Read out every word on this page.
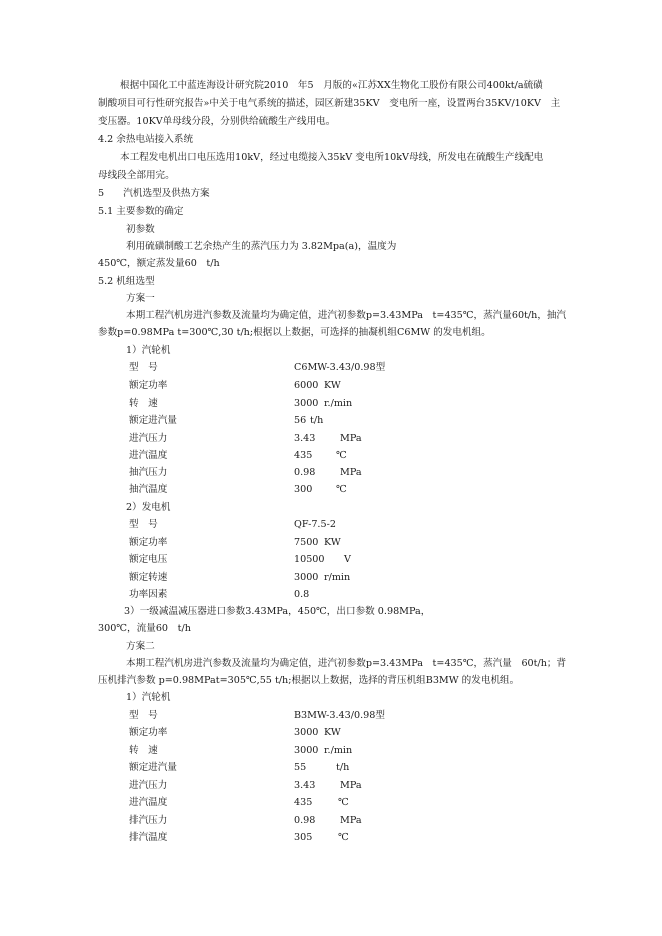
根据中国化工中蓝连海设计研究院2010　年5　月版的«江苏XX生物化工股份有限公司400kt/a硫磺
制酸项目可行性研究报告»中关于电气系统的描述，园区新建35KV　变电所一座，设置两台35KV/10KV　主
变压器。10KV单母线分段，分别供给硫酸生产线用电。
4.2 余热电站接入系统
本工程发电机出口电压选用10kV，经过电缆接入35kV 变电所10kV母线，所发电在硫酸生产线配电
母线段全部用完。
5　　汽机选型及供热方案
5.1 主要参数的确定
初参数
利用硫磺制酸工艺余热产生的蒸汽压力为 3.82Mpa(a)，温度为
450℃，额定蒸发量60　t/h
5.2 机组选型
方案一
本期工程汽机房进汽参数及流量均为确定值，进汽初参数p=3.43MPa　t=435℃，蒸汽量60t/h，抽汽
参数p=0.98MPa t=300℃,30 t/h;根据以上数据，可选择的抽凝机组C6MW 的发电机组。
1）汽轮机
型　号	C6MW-3.43/0.98型
额定功率	6000 KW
转　速	3000 r./min
额定进汽量	56 t/h
进汽压力	3.43	MPa
进汽温度	435 ℃
抽汽压力	0.98	MPa
抽汽温度	300 ℃
2）发电机
型　号	QF-7.5-2
额定功率	7500 KW
额定电压	10500 V
额定转速	3000 r/min
功率因素	0.8
3）一级减温减压器进口参数3.43MPa，450℃，出口参数 0.98MPa，
300℃，流量60　t/h
方案二
本期工程汽机房进汽参数及流量均为确定值，进汽初参数p=3.43MPa　t=435℃，蒸汽量　60t/h；背
压机排汽参数 p=0.98MPat=305℃,55 t/h;根据以上数据，选择的背压机组B3MW 的发电机组。
1）汽轮机
型　号	B3MW-3.43/0.98型
额定功率	3000 KW
转　速	3000 r./min
额定进汽量	55	t/h
进汽压力	3.43	MPa
进汽温度	435	℃
排汽压力	0.98	MPa
排汽温度	305	℃
